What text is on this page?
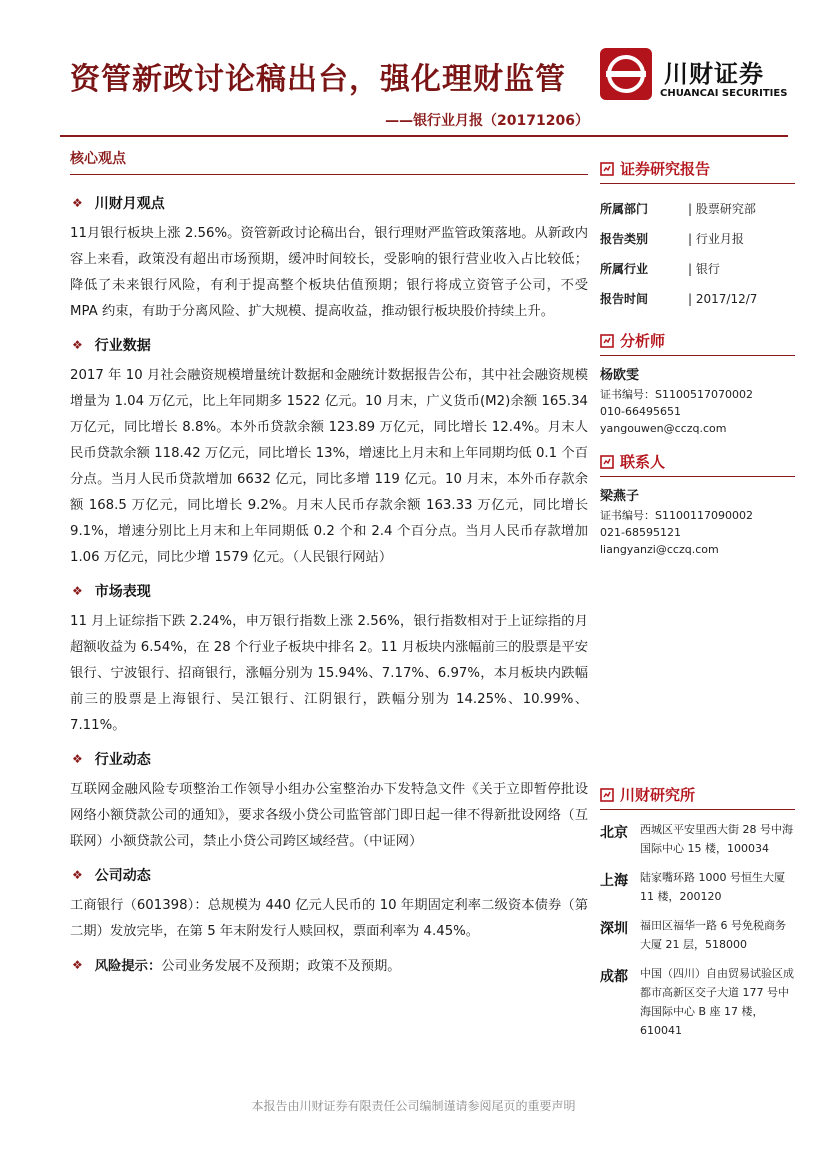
资管新政讨论稿出台，强化理财监管
——银行业月报（20171206）
川财证券
CHUANCAI SECURITIES
核心观点
❖ 川财月观点

11月银行板块上涨 2.56%。资管新政讨论稿出台，银行理财严监管政策落地。从新政内容上来看，政策没有超出市场预期，缓冲时间较长，受影响的银行营业收入占比较低；降低了未来银行风险，有利于提高整个板块估值预期；银行将成立资管子公司，不受 MPA 约束，有助于分离风险、扩大规模、提高收益，推动银行板块股价持续上升。

❖ 行业数据

2017 年 10 月社会融资规模增量统计数据和金融统计数据报告公布，其中社会融资规模增量为 1.04 万亿元，比上年同期多 1522 亿元。10 月末，广义货币(M2)余额 165.34 万亿元，同比增长 8.8%。本外币贷款余额 123.89 万亿元，同比增长 12.4%。月末人民币贷款余额 118.42 万亿元，同比增长 13%，增速比上月末和上年同期均低 0.1 个百分点。当月人民币贷款增加 6632 亿元，同比多增 119 亿元。10 月末，本外币存款余额 168.5 万亿元，同比增长 9.2%。月末人民币存款余额 163.33 万亿元，同比增长 9.1%，增速分别比上月末和上年同期低 0.2 个和 2.4 个百分点。当月人民币存款增加 1.06 万亿元，同比少增 1579 亿元。（人民银行网站）

❖ 市场表现

11 月上证综指下跌 2.24%，申万银行指数上涨 2.56%，银行指数相对于上证综指的月超额收益为 6.54%，在 28 个行业子板块中排名 2。11 月板块内涨幅前三的股票是平安银行、宁波银行、招商银行，涨幅分别为 15.94%、7.17%、6.97%，本月板块内跌幅前三的股票是上海银行、吴江银行、江阴银行，跌幅分别为 14.25%、10.99%、7.11%。

❖ 行业动态

互联网金融风险专项整治工作领导小组办公室整治办下发特急文件《关于立即暂停批设网络小额贷款公司的通知》，要求各级小贷公司监管部门即日起一律不得新批设网络（互联网）小额贷款公司，禁止小贷公司跨区域经营。（中证网）

❖ 公司动态

工商银行（601398）：总规模为 440 亿元人民币的 10 年期固定利率二级资本债券（第二期）发放完毕，在第 5 年末附发行人赎回权，票面利率为 4.45%。

❖ 风险提示： 公司业务发展不及预期；政策不及预期。
证券研究报告
所属部门	| 股票研究部
报告类别	| 行业月报
所属行业	| 银行
报告时间	| 2017/12/7
分析师
杨欧雯
证书编号：S1100517070002
010-66495651
yangouwen@cczq.com
联系人
梁燕子
证书编号：S1100117090002
021-68595121
liangyanzi@cczq.com
川财研究所
北京	西城区平安里西大街 28 号中海国际中心 15 楼，100034
上海	陆家嘴环路 1000 号恒生大厦 11 楼，200120
深圳	福田区福华一路 6 号免税商务大厦 21 层，518000
成都	中国（四川）自由贸易试验区成都市高新区交子大道 177 号中海国际中心 B 座 17 楼，610041
本报告由川财证券有限责任公司编制谨请参阅尾页的重要声明
